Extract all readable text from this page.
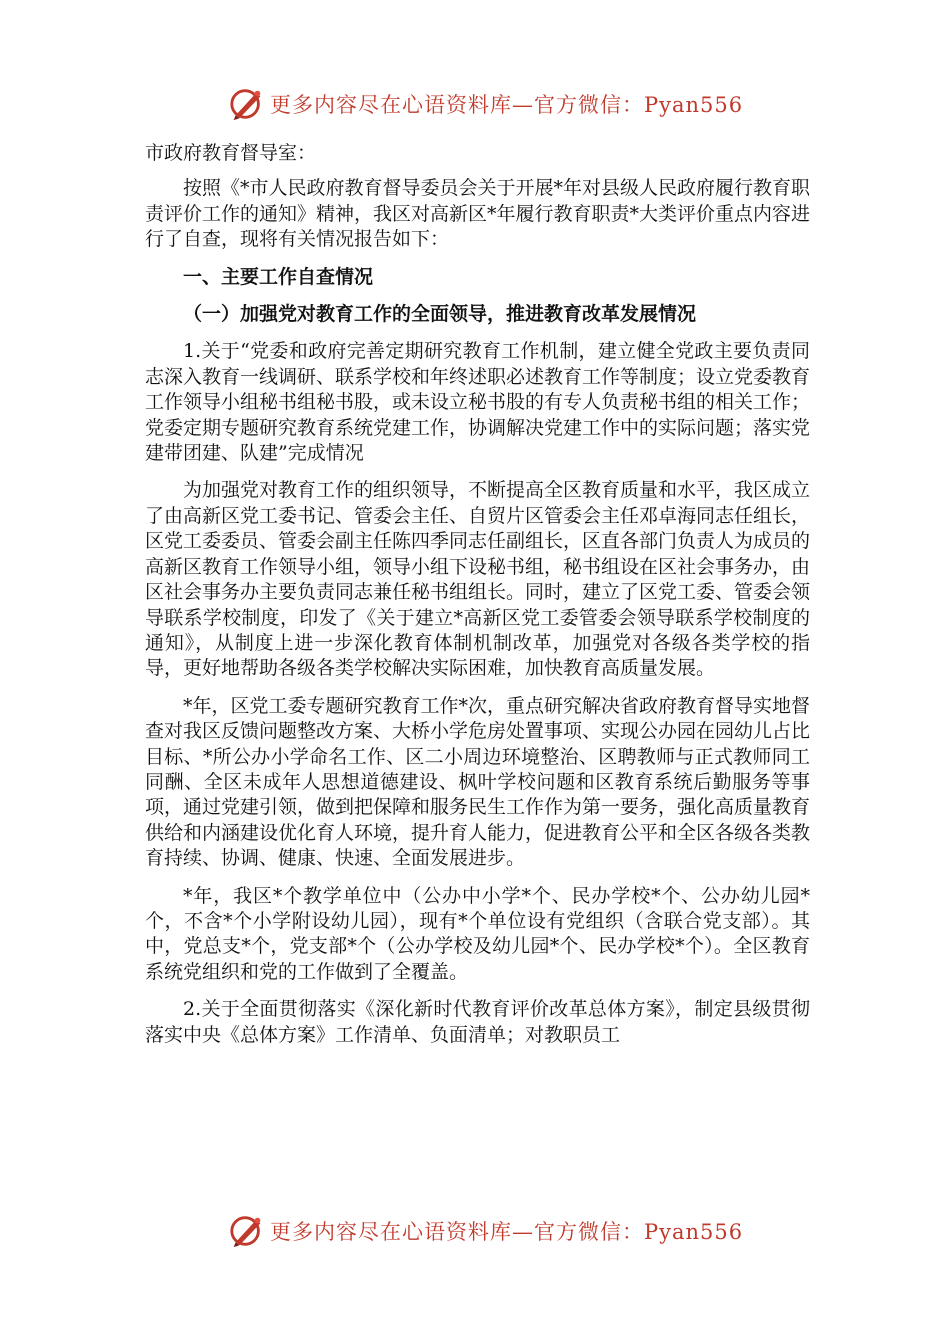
更多内容尽在心语资料库—官方微信：Pyan556

市政府教育督导室：

按照《*市人民政府教育督导委员会关于开展*年对县级人民政府履行教育职责评价工作的通知》精神，我区对高新区*年履行教育职责*大类评价重点内容进行了自查，现将有关情况报告如下：

一、主要工作自查情况

（一）加强党对教育工作的全面领导，推进教育改革发展情况

1.关于“党委和政府完善定期研究教育工作机制，建立健全党政主要负责同志深入教育一线调研、联系学校和年终述职必述教育工作等制度；设立党委教育工作领导小组秘书组秘书股，或未设立秘书股的有专人负责秘书组的相关工作；党委定期专题研究教育系统党建工作，协调解决党建工作中的实际问题；落实党建带团建、队建”完成情况

为加强党对教育工作的组织领导，不断提高全区教育质量和水平，我区成立了由高新区党工委书记、管委会主任、自贸片区管委会主任邓卓海同志任组长，区党工委委员、管委会副主任陈四季同志任副组长，区直各部门负责人为成员的高新区教育工作领导小组，领导小组下设秘书组，秘书组设在区社会事务办，由区社会事务办主要负责同志兼任秘书组组长。同时，建立了区党工委、管委会领导联系学校制度，印发了《关于建立*高新区党工委管委会领导联系学校制度的通知》，从制度上进一步深化教育体制机制改革，加强党对各级各类学校的指导，更好地帮助各级各类学校解决实际困难，加快教育高质量发展。

*年，区党工委专题研究教育工作*次，重点研究解决省政府教育督导实地督查对我区反馈问题整改方案、大桥小学危房处置事项、实现公办园在园幼儿占比目标、*所公办小学命名工作、区二小周边环境整治、区聘教师与正式教师同工同酬、全区未成年人思想道德建设、枫叶学校问题和区教育系统后勤服务等事项，通过党建引领，做到把保障和服务民生工作作为第一要务，强化高质量教育供给和内涵建设优化育人环境，提升育人能力，促进教育公平和全区各级各类教育持续、协调、健康、快速、全面发展进步。

*年，我区*个教学单位中（公办中小学*个、民办学校*个、公办幼儿园*个，不含*个小学附设幼儿园），现有*个单位设有党组织（含联合党支部）。其中，党总支*个，党支部*个（公办学校及幼儿园*个、民办学校*个）。全区教育系统党组织和党的工作做到了全覆盖。

2.关于全面贯彻落实《深化新时代教育评价改革总体方案》，制定县级贯彻落实中央《总体方案》工作清单、负面清单；对教职员工

更多内容尽在心语资料库—官方微信：Pyan556
